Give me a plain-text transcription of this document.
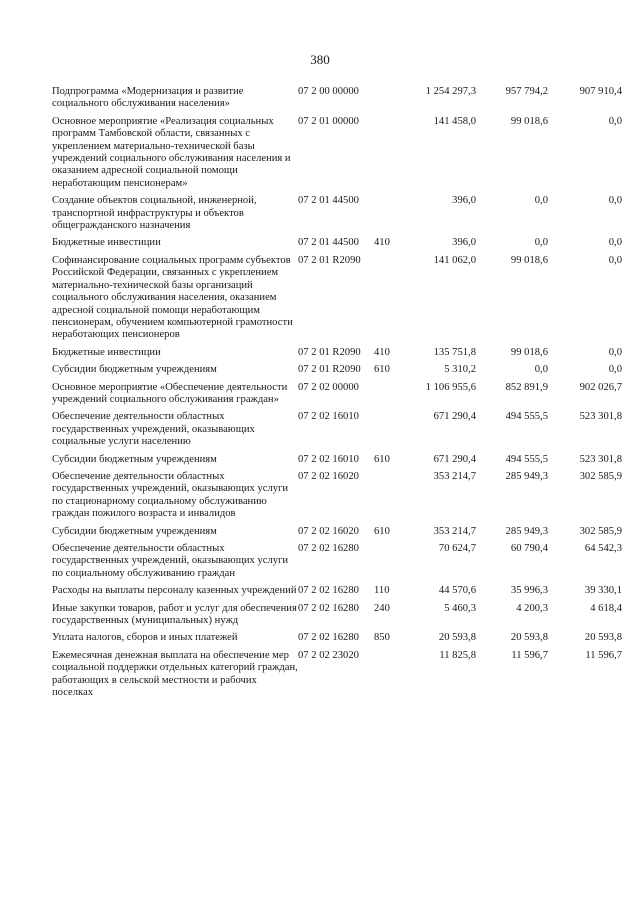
380
Подпрограмма «Модернизация и развитие социального обслуживания населения»	07 2 00 00000		1 254 297,3	957 794,2	907 910,4
Основное мероприятие «Реализация социальных программ Тамбовской области, связанных с укреплением материально-технической базы учреждений социального обслуживания населения и оказанием адресной социальной помощи неработающим пенсионерам»	07 2 01 00000		141 458,0	99 018,6	0,0
Создание объектов социальной, инженерной, транспортной инфраструктуры и объектов общегражданского назначения	07 2 01 44500		396,0	0,0	0,0
Бюджетные инвестиции	07 2 01 44500	410	396,0	0,0	0,0
Софинансирование социальных программ субъектов Российской Федерации, связанных с укреплением материально-технической базы организаций социального обслуживания населения, оказанием адресной социальной помощи неработающим пенсионерам, обучением компьютерной грамотности неработающих пенсионеров	07 2 01 R2090		141 062,0	99 018,6	0,0
Бюджетные инвестиции	07 2 01 R2090	410	135 751,8	99 018,6	0,0
Субсидии бюджетным учреждениям	07 2 01 R2090	610	5 310,2	0,0	0,0
Основное мероприятие «Обеспечение деятельности учреждений социального обслуживания граждан»	07 2 02 00000		1 106 955,6	852 891,9	902 026,7
Обеспечение деятельности областных государственных учреждений, оказывающих социальные услуги населению	07 2 02 16010		671 290,4	494 555,5	523 301,8
Субсидии бюджетным учреждениям	07 2 02 16010	610	671 290,4	494 555,5	523 301,8
Обеспечение деятельности областных государственных учреждений, оказывающих услуги по стационарному социальному обслуживанию граждан пожилого возраста и инвалидов	07 2 02 16020		353 214,7	285 949,3	302 585,9
Субсидии бюджетным учреждениям	07 2 02 16020	610	353 214,7	285 949,3	302 585,9
Обеспечение деятельности областных государственных учреждений, оказывающих услуги по социальному обслуживанию граждан	07 2 02 16280		70 624,7	60 790,4	64 542,3
Расходы на выплаты персоналу казенных учреждений	07 2 02 16280	110	44 570,6	35 996,3	39 330,1
Иные закупки товаров, работ и услуг для обеспечения государственных (муниципальных) нужд	07 2 02 16280	240	5 460,3	4 200,3	4 618,4
Уплата налогов, сборов и иных платежей	07 2 02 16280	850	20 593,8	20 593,8	20 593,8
Ежемесячная денежная выплата на обеспечение мер социальной поддержки отдельных категорий граждан, работающих в сельской местности и рабочих поселках	07 2 02 23020		11 825,8	11 596,7	11 596,7
